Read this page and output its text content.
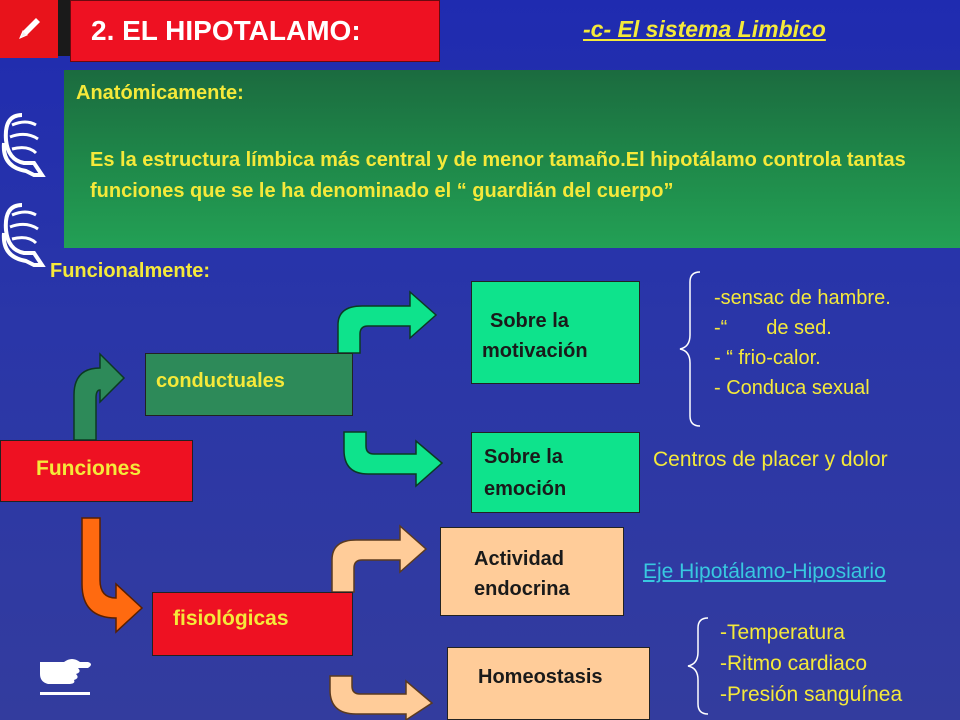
2. EL HIPOTALAMO:	-c- El sistema Limbico
Anatómicamente:
Es la estructura límbica más central y de menor tamaño.El hipotálamo controla tantas funciones que se le ha denominado el “ guardián del cuerpo”
Funcionalmente:
Funciones
conductuales
fisiológicas
Sobre la
motivación
Sobre la
emoción
Actividad
endocrina
Homeostasis
-sensac de hambre.
-“       de sed.
- “ frio-calor.
- Conduca sexual
Centros de placer y dolor
Eje Hipotálamo-Hiposiario
-Temperatura
-Ritmo cardiaco
-Presión sanguínea
